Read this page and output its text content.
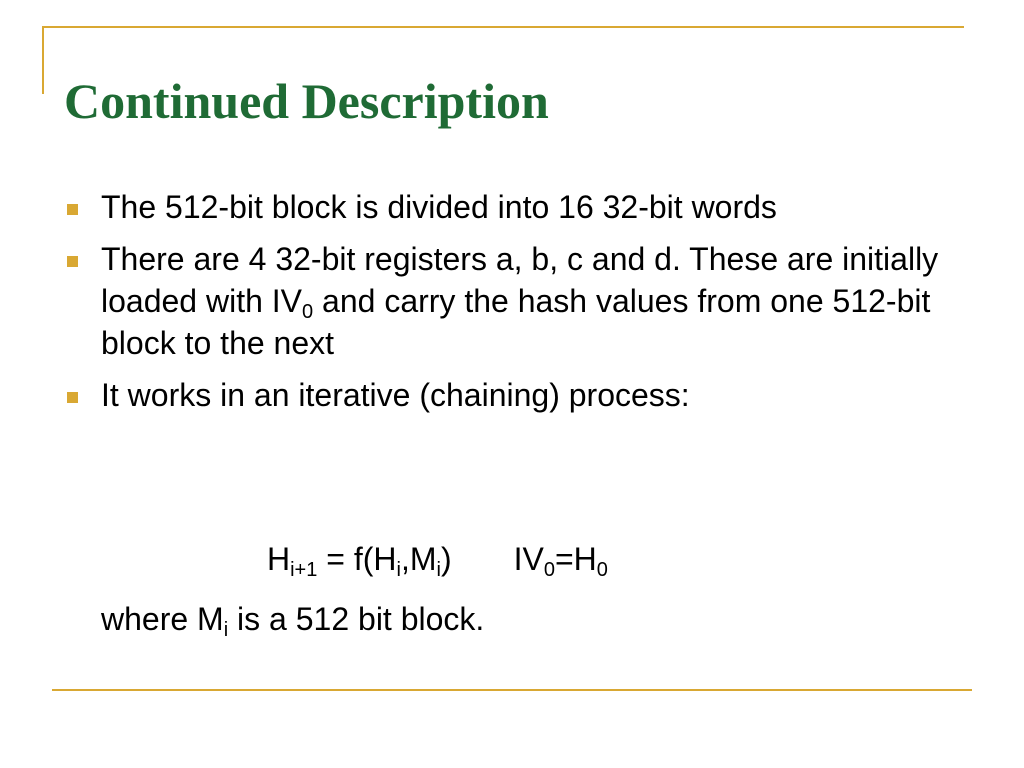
Continued Description
The 512-bit block is divided into 16 32-bit words
There are 4 32-bit registers a, b, c and d. These are initially loaded with $IV_0$ and carry the hash values from one 512-bit block to the next
It works in an iterative (chaining) process:
$H_{i+1} = f(H_i,M_i)$ $IV_0=H_0$
where $M_i$ is a 512 bit block.
